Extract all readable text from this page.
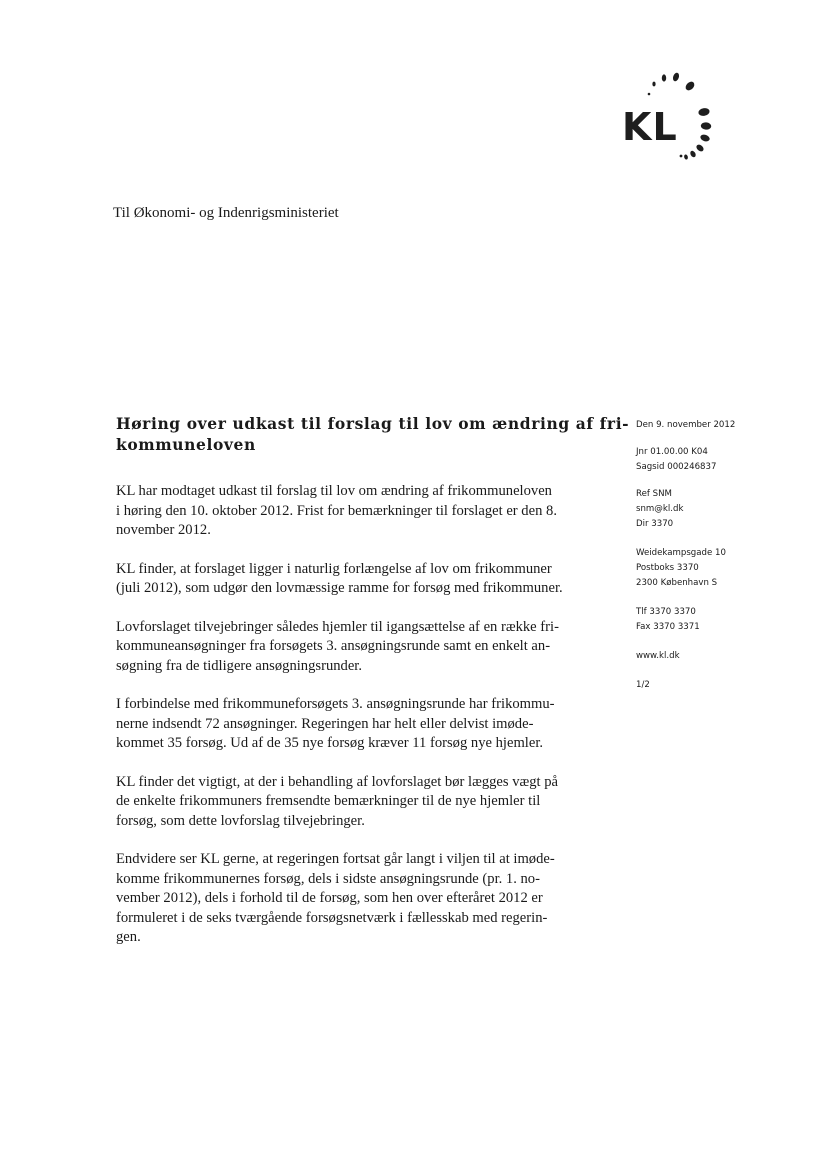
KL
Til Økonomi- og Indenrigsministeriet
Høring over udkast til forslag til lov om ændring af fri-
kommuneloven

KL har modtaget udkast til forslag til lov om ændring af frikommuneloven
i høring den 10. oktober 2012. Frist for bemærkninger til forslaget er den 8.
november 2012.

KL finder, at forslaget ligger i naturlig forlængelse af lov om frikommuner
(juli 2012), som udgør den lovmæssige ramme for forsøg med frikommuner.

Lovforslaget tilvejebringer således hjemler til igangsættelse af en række fri-
kommuneansøgninger fra forsøgets 3. ansøgningsrunde samt en enkelt an-
søgning fra de tidligere ansøgningsrunder.

I forbindelse med frikommuneforsøgets 3. ansøgningsrunde har frikommu-
nerne indsendt 72 ansøgninger. Regeringen har helt eller delvist imøde-
kommet 35 forsøg. Ud af de 35 nye forsøg kræver 11 forsøg nye hjemler.

KL finder det vigtigt, at der i behandling af lovforslaget bør lægges vægt på
de enkelte frikommuners fremsendte bemærkninger til de nye hjemler til
forsøg, som dette lovforslag tilvejebringer.

Endvidere ser KL gerne, at regeringen fortsat går langt i viljen til at imøde-
komme frikommunernes forsøg, dels i sidste ansøgningsrunde (pr. 1. no-
vember 2012), dels i forhold til de forsøg, som hen over efteråret 2012 er
formuleret i de seks tværgående forsøgsnetværk i fællesskab med regerin-
gen.

Den 9. november 2012
Jnr 01.00.00 K04
Sagsid 000246837
Ref SNM
snm@kl.dk
Dir 3370
Weidekampsgade 10
Postboks 3370
2300 København S
Tlf 3370 3370
Fax 3370 3371
www.kl.dk
1/2
